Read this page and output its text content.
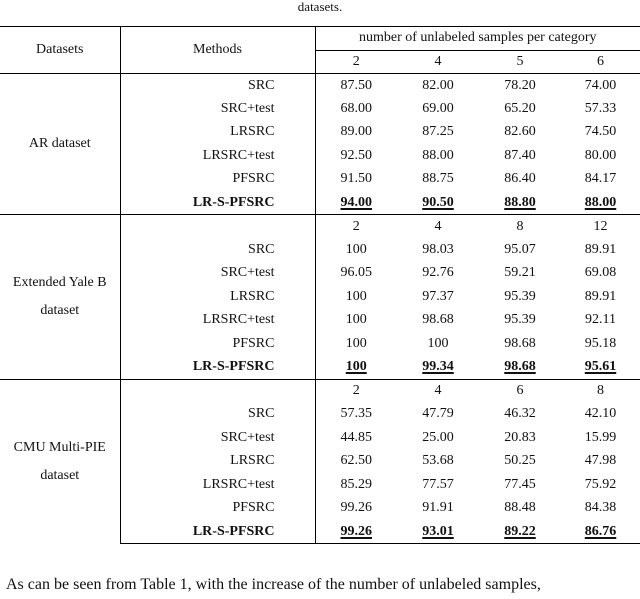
datasets.
Datasets	Methods	number of unlabeled samples per category			
		2	4	5	6

AR dataset	SRC	87.50	82.00	78.20	74.00
	SRC+test	68.00	69.00	65.20	57.33
	LRSRC	89.00	87.25	82.60	74.50
	LRSRC+test	92.50	88.00	87.40	80.00
	PFSRC	91.50	88.75	86.40	84.17
	LR-S-PFSRC	94.00	90.50	88.80	88.00

Extended Yale B
dataset		2	4	8	12
	SRC	100	98.03	95.07	89.91
	SRC+test	96.05	92.76	59.21	69.08
	LRSRC	100	97.37	95.39	89.91
	LRSRC+test	100	98.68	95.39	92.11
	PFSRC	100	100	98.68	95.18
	LR-S-PFSRC	100	99.34	98.68	95.61

CMU Multi-PIE
dataset		2	4	6	8
	SRC	57.35	47.79	46.32	42.10
	SRC+test	44.85	25.00	20.83	15.99
	LRSRC	62.50	53.68	50.25	47.98
	LRSRC+test	85.29	77.57	77.45	75.92
	PFSRC	99.26	91.91	88.48	84.38
	LR-S-PFSRC	99.26	93.01	89.22	86.76
As can be seen from Table 1, with the increase of the number of unlabeled samples,
